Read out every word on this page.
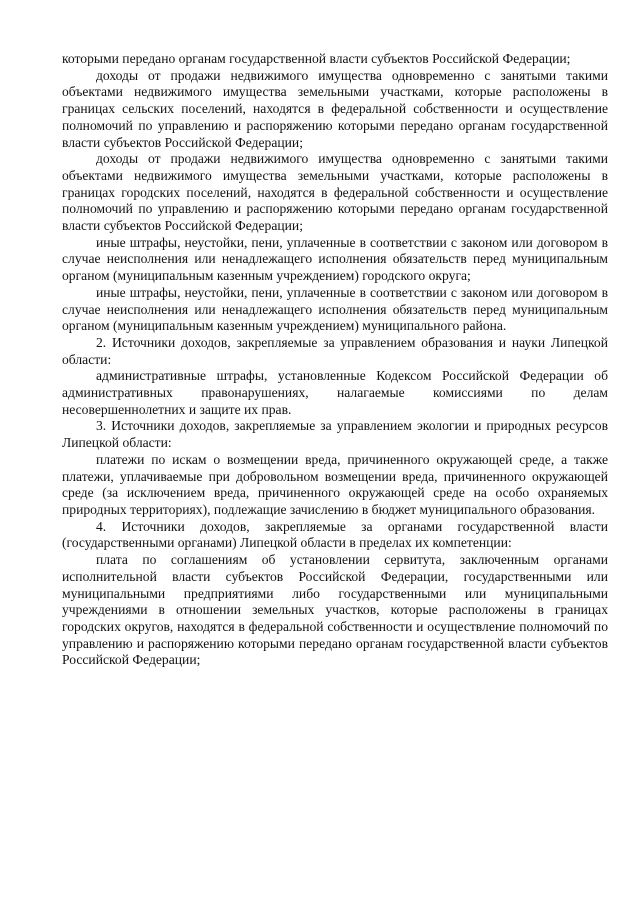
которыми передано органам государственной власти субъектов Российской Федерации;

доходы от продажи недвижимого имущества одновременно с занятыми такими объектами недвижимого имущества земельными участками, которые расположены в границах сельских поселений, находятся в федеральной собственности и осуществление полномочий по управлению и распоряжению которыми передано органам государственной власти субъектов Российской Федерации;

доходы от продажи недвижимого имущества одновременно с занятыми такими объектами недвижимого имущества земельными участками, которые расположены в границах городских поселений, находятся в федеральной собственности и осуществление полномочий по управлению и распоряжению которыми передано органам государственной власти субъектов Российской Федерации;

иные штрафы, неустойки, пени, уплаченные в соответствии с законом или договором в случае неисполнения или ненадлежащего исполнения обязательств перед муниципальным органом (муниципальным казенным учреждением) городского округа;

иные штрафы, неустойки, пени, уплаченные в соответствии с законом или договором в случае неисполнения или ненадлежащего исполнения обязательств перед муниципальным органом (муниципальным казенным учреждением) муниципального района.

2. Источники доходов, закрепляемые за управлением образования и науки Липецкой области:

административные штрафы, установленные Кодексом Российской Федерации об административных правонарушениях, налагаемые комиссиями по делам несовершеннолетних и защите их прав.

3. Источники доходов, закрепляемые за управлением экологии и природных ресурсов Липецкой области:

платежи по искам о возмещении вреда, причиненного окружающей среде, а также платежи, уплачиваемые при добровольном возмещении вреда, причиненного окружающей среде (за исключением вреда, причиненного окружающей среде на особо охраняемых природных территориях), подлежащие зачислению в бюджет муниципального образования.

4. Источники доходов, закрепляемые за органами государственной власти (государственными органами) Липецкой области в пределах их компетенции:

плата по соглашениям об установлении сервитута, заключенным органами исполнительной власти субъектов Российской Федерации, государственными или муниципальными предприятиями либо государственными или муниципальными учреждениями в отношении земельных участков, которые расположены в границах городских округов, находятся в федеральной собственности и осуществление полномочий по управлению и распоряжению которыми передано органам государственной власти субъектов Российской Федерации;
